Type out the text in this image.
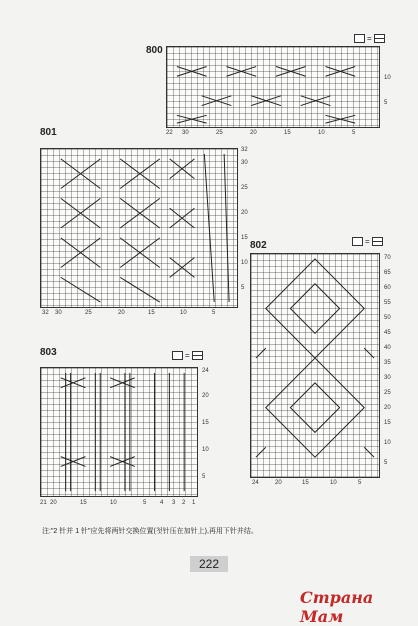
800
=
10
5
22 30	25	20	15	10	5
801
32
30
25
20
15
10
5
32 30	25	20	15	10	5
802	=
70
65
60
55
50
45
40
35
30
25
20
15
10
5
24	20	15	10	5
803	=
24
20
15
10
5
21 20	15	10	5 4 3 2 1
注:"2 针并 1 针"应先将两针交换位置(첫针压在加针上),再用下针并结。
222
Страна Мам
